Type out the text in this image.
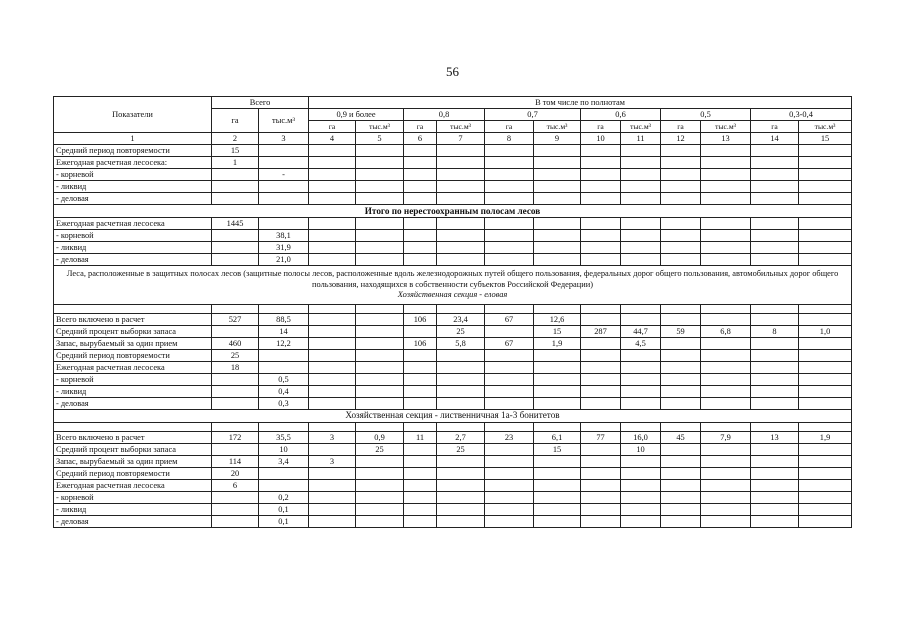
56
Показатели	Всего		В том числе по полнотам											
	га	тыс.м³	0,9 и более		0,8		0,7		0,6		0,5		0,3-0,4	
			га	тыс.м³	га	тыс.м³	га	тыс.м³	га	тыс.м³	га	тыс.м³	га	тыс.м³
1	2	3	4	5	6	7	8	9	10	11	12	13	14	15
Средний период повторяемости	15													
Ежегодная расчетная лесосека:	1													
- корневой		-												
- ликвид														
- деловая														
Итого по нерестоохранным полосам лесов														
Ежегодная расчетная лесосека	1445													
- корневой		38,1												
- ликвид		31,9												
- деловая		21,0												
Леса, расположенные в защитных полосах лесов (защитные полосы лесов, расположенные вдоль железнодорожных путей общего пользования, федеральных дорог общего пользования, автомобильных дорог общего пользования, находящихся в собственности субъектов Российской Федерации)
Хозяйственная секция - еловая														

Всего включено в расчет	527	88,5			106	23,4	67	12,6						
Средний процент выборки запаса		14				25		15	287	44,7	59	6,8	8	1,0
Запас, вырубаемый за один прием	460	12,2			106	5,8	67	1,9		4,5				
Средний период повторяемости	25													
Ежегодная расчетная лесосека	18													
- корневой		0,5												
- ликвид		0,4												
- деловая		0,3												
Хозяйственная секция - лиственничная 1а-3 бонитетов														

Всего включено в расчет	172	35,5	3	0,9	11	2,7	23	6,1	77	16,0	45	7,9	13	1,9
Средний процент выборки запаса		10		25		25		15		10				
Запас, вырубаемый за один прием	114	3,4	3											
Средний период повторяемости	20													
Ежегодная расчетная лесосека	6													
- корневой		0,2												
- ликвид		0,1												
- деловая		0,1												
